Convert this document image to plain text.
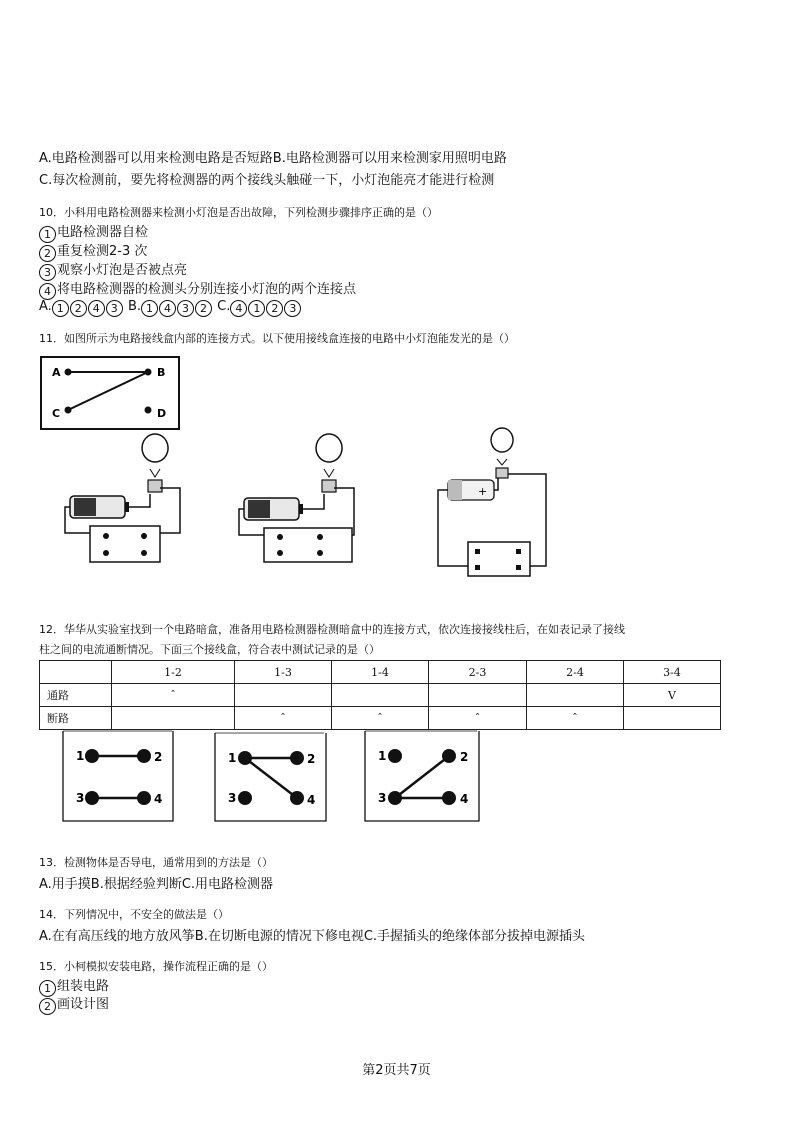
A.电路检测器可以用来检测电路是否短路B.电路检测器可以用来检测家用照明电路
C.每次检测前，要先将检测器的两个接线头触碰一下，小灯泡能亮才能进行检测
10．小科用电路检测器来检测小灯泡是否出故障，下列检测步骤排序正确的是（）
1 电路检测器自检
2 重复检测2-3 次
3 观察小灯泡是否被点亮
4 将电路检测器的检测头分别连接小灯泡的两个连接点
A. 1 2 4 3 B. 1 4 3 2 C. 4 1 2 3
11．如图所示为电路接线盒内部的连接方式。以下使用接线盒连接的电路中小灯泡能发光的是（）
A	B
C	D
+
12．华华从实验室找到一个电路暗盒，准备用电路检测器检测暗盒中的连接方式，依次连接接线柱后，在如表记录了接线
柱之间的电流通断情况。下面三个接线盒，符合表中测试记录的是（）
	1-2	1-3	1-4	2-3	2-4	3-4
通路	ˆ					V
断路		ˆ	ˆ	ˆ	ˆ	
1	2
3	4
1	2
3	4
1	2
3	4
13．检测物体是否导电，通常用到的方法是（）
A.用手摸B.根据经验判断C.用电路检测器
14．下列情况中，不安全的做法是（）
A.在有高压线的地方放风筝B.在切断电源的情况下修电视C.手握插头的绝缘体部分拔掉电源插头
15．小柯模拟安装电路，操作流程正确的是（）
1 组装电路
2 画设计图
第2页共7页
